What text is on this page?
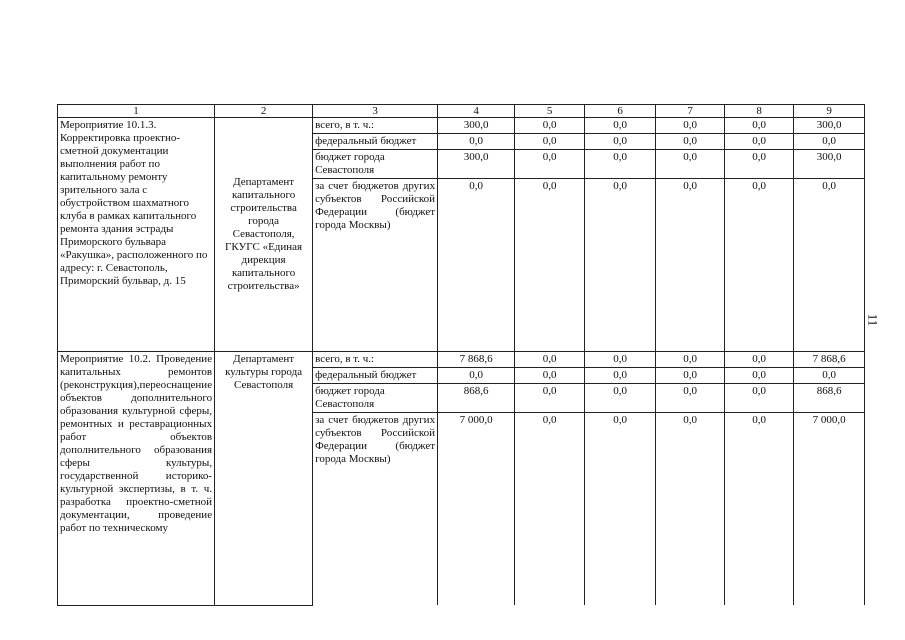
1	2	3	4	5	6	7	8	9
Мероприятие 10.1.3. Корректировка проектно-сметной документации выполнения работ по капитальному ремонту зрительного зала с обустройством шахматного клуба в рамках капитального ремонта здания эстрады Приморского бульвара «Ракушка», расположенного по адресу: г. Севастополь, Приморский бульвар, д. 15	Департамент капитального строительства города Севастополя, ГКУГС «Единая дирекция капитального строительства»	всего, в т. ч.:	300,0	0,0	0,0	0,0	0,0	300,0
		федеральный бюджет	0,0	0,0	0,0	0,0	0,0	0,0
		бюджет города Севастополя	300,0	0,0	0,0	0,0	0,0	300,0
		за счет бюджетов других субъектов Российской Федерации (бюджет города Москвы)	0,0	0,0	0,0	0,0	0,0	0,0
Мероприятие 10.2. Проведение капитальных ремонтов (реконструкция),переоснащение объектов дополнительного образования культурной сферы, ремонтных и реставрационных работ объектов дополнительного образования сферы культуры, государственной историко-культурной экспертизы, в т. ч. разработка проектно-сметной документации, проведение работ по техническому	Департамент культуры города Севастополя	всего, в т. ч.:	7 868,6	0,0	0,0	0,0	0,0	7 868,6
		федеральный бюджет	0,0	0,0	0,0	0,0	0,0	0,0
		бюджет города Севастополя	868,6	0,0	0,0	0,0	0,0	868,6
		за счет бюджетов других субъектов Российской Федерации (бюджет города Москвы)	7 000,0	0,0	0,0	0,0	0,0	7 000,0
11
